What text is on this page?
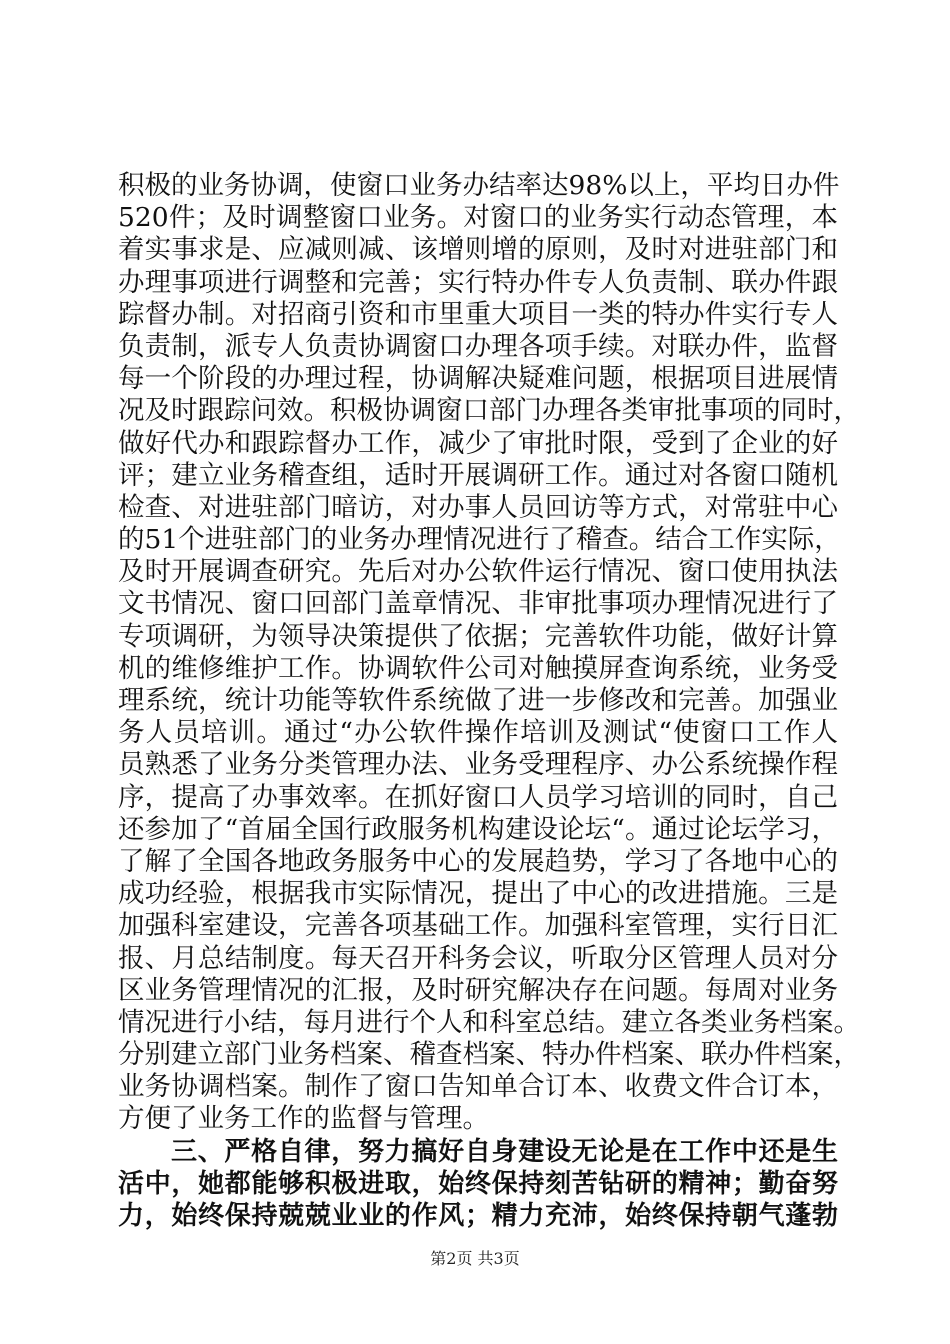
积极的业务协调，使窗口业务办结率达98%以上，平均日办件
520件；及时调整窗口业务。对窗口的业务实行动态管理，本
着实事求是、应减则减、该增则增的原则，及时对进驻部门和
办理事项进行调整和完善；实行特办件专人负责制、联办件跟
踪督办制。对招商引资和市里重大项目一类的特办件实行专人
负责制，派专人负责协调窗口办理各项手续。对联办件，监督
每一个阶段的办理过程，协调解决疑难问题，根据项目进展情
况及时跟踪问效。积极协调窗口部门办理各类审批事项的同时，
做好代办和跟踪督办工作，减少了审批时限，受到了企业的好
评；建立业务稽查组，适时开展调研工作。通过对各窗口随机
检查、对进驻部门暗访，对办事人员回访等方式，对常驻中心
的51个进驻部门的业务办理情况进行了稽查。结合工作实际，
及时开展调查研究。先后对办公软件运行情况、窗口使用执法
文书情况、窗口回部门盖章情况、非审批事项办理情况进行了
专项调研，为领导决策提供了依据；完善软件功能，做好计算
机的维修维护工作。协调软件公司对触摸屏查询系统，业务受
理系统，统计功能等软件系统做了进一步修改和完善。加强业
务人员培训。通过“办公软件操作培训及测试“使窗口工作人
员熟悉了业务分类管理办法、业务受理程序、办公系统操作程
序，提高了办事效率。在抓好窗口人员学习培训的同时，自己
还参加了“首届全国行政服务机构建设论坛“。通过论坛学习，
了解了全国各地政务服务中心的发展趋势，学习了各地中心的
成功经验，根据我市实际情况，提出了中心的改进措施。三是
加强科室建设，完善各项基础工作。加强科室管理，实行日汇
报、月总结制度。每天召开科务会议，听取分区管理人员对分
区业务管理情况的汇报，及时研究解决存在问题。每周对业务
情况进行小结，每月进行个人和科室总结。建立各类业务档案。
分别建立部门业务档案、稽查档案、特办件档案、联办件档案，
业务协调档案。制作了窗口告知单合订本、收费文件合订本，
方便了业务工作的监督与管理。
三、严格自律，努力搞好自身建设无论是在工作中还是生
活中，她都能够积极进取，始终保持刻苦钻研的精神；勤奋努
力，始终保持兢兢业业的作风；精力充沛，始终保持朝气蓬勃
第2页 共3页
